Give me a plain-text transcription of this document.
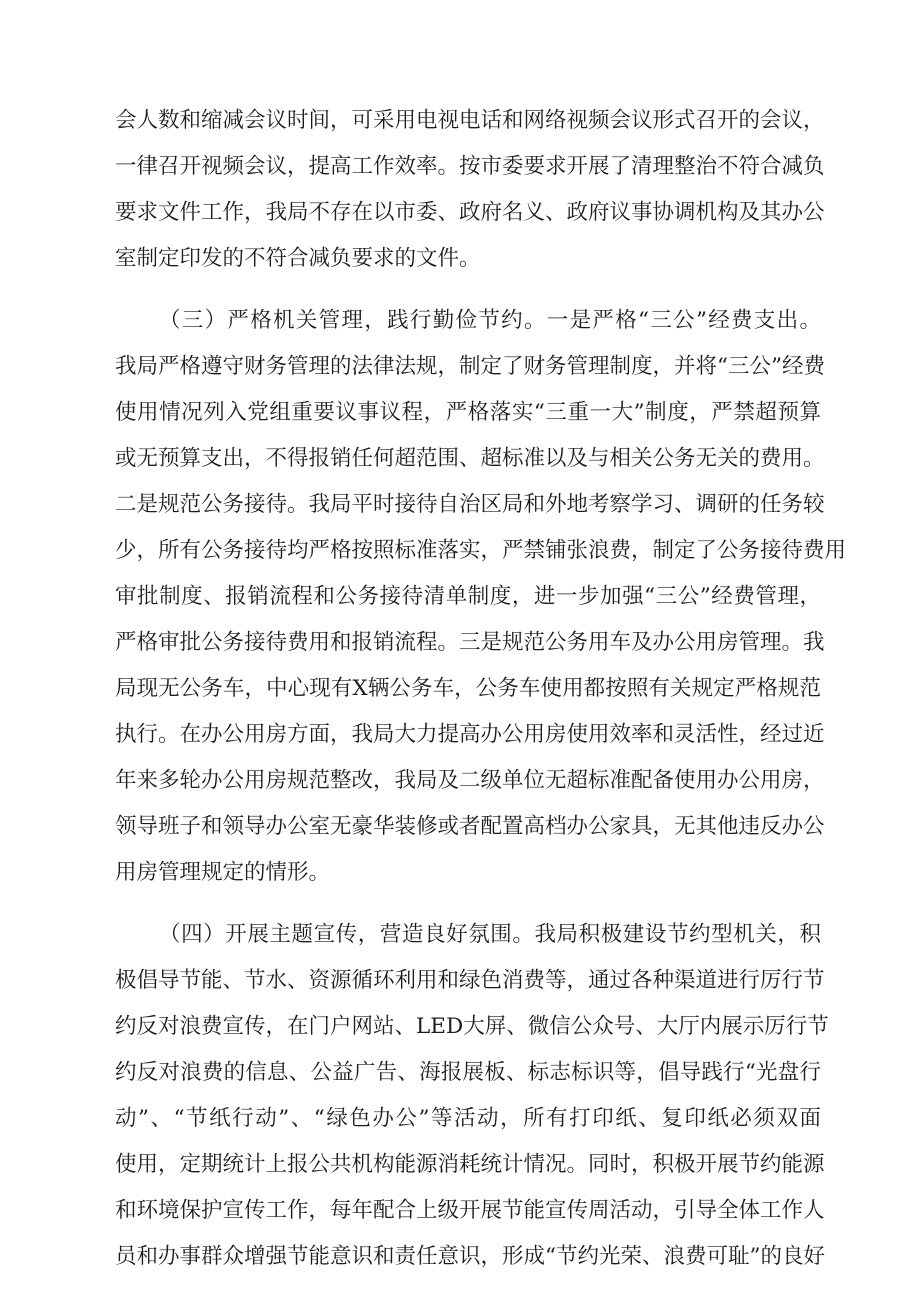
会人数和缩减会议时间，可采用电视电话和网络视频会议形式召开的会议，
一律召开视频会议，提高工作效率。按市委要求开展了清理整治不符合减负
要求文件工作，我局不存在以市委、政府名义、政府议事协调机构及其办公
室制定印发的不符合减负要求的文件。
（三）严格机关管理，践行勤俭节约。一是严格“三公”经费支出。
我局严格遵守财务管理的法律法规，制定了财务管理制度，并将“三公”经费
使用情况列入党组重要议事议程，严格落实“三重一大”制度，严禁超预算
或无预算支出，不得报销任何超范围、超标准以及与相关公务无关的费用。
二是规范公务接待。我局平时接待自治区局和外地考察学习、调研的任务较
少，所有公务接待均严格按照标准落实，严禁铺张浪费，制定了公务接待费用
审批制度、报销流程和公务接待清单制度，进一步加强“三公”经费管理，
严格审批公务接待费用和报销流程。三是规范公务用车及办公用房管理。我
局现无公务车，中心现有X辆公务车，公务车使用都按照有关规定严格规范
执行。在办公用房方面，我局大力提高办公用房使用效率和灵活性，经过近
年来多轮办公用房规范整改，我局及二级单位无超标准配备使用办公用房，
领导班子和领导办公室无豪华装修或者配置高档办公家具，无其他违反办公
用房管理规定的情形。
（四）开展主题宣传，营造良好氛围。我局积极建设节约型机关，积
极倡导节能、节水、资源循环利用和绿色消费等，通过各种渠道进行厉行节
约反对浪费宣传，在门户网站、LED大屏、微信公众号、大厅内展示厉行节
约反对浪费的信息、公益广告、海报展板、标志标识等，倡导践行“光盘行
动”、“节纸行动”、“绿色办公”等活动，所有打印纸、复印纸必须双面
使用，定期统计上报公共机构能源消耗统计情况。同时，积极开展节约能源
和环境保护宣传工作，每年配合上级开展节能宣传周活动，引导全体工作人
员和办事群众增强节能意识和责任意识，形成“节约光荣、浪费可耻”的良好
